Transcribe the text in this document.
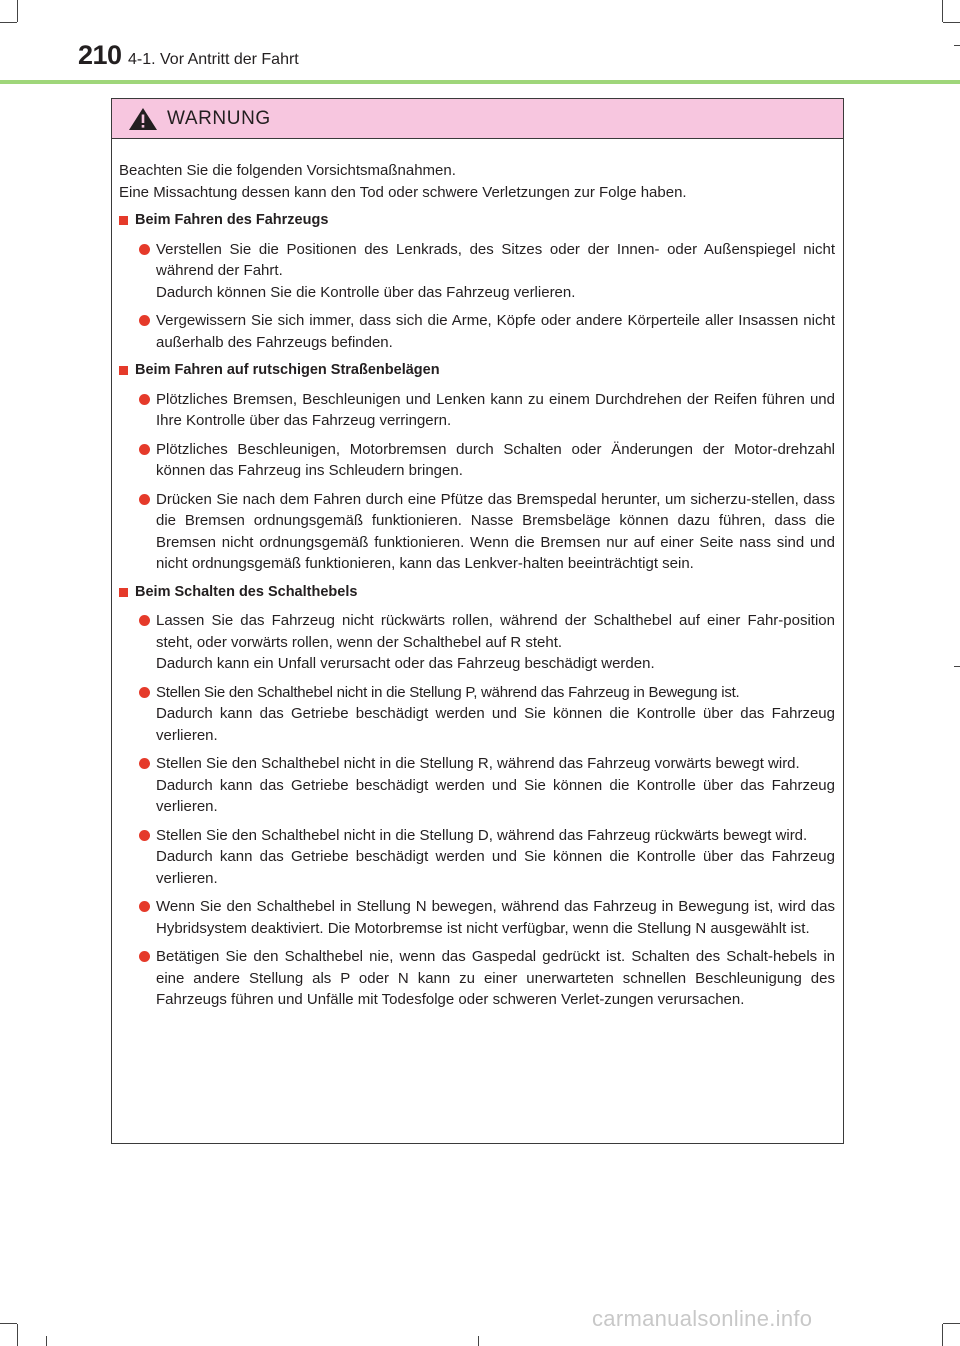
210 4-1. Vor Antritt der Fahrt
WARNUNG

Beachten Sie die folgenden Vorsichtsmaßnahmen.
Eine Missachtung dessen kann den Tod oder schwere Verletzungen zur Folge haben.

Beim Fahren des Fahrzeugs
Verstellen Sie die Positionen des Lenkrads, des Sitzes oder der Innen- oder Außenspiegel nicht während der Fahrt.
Dadurch können Sie die Kontrolle über das Fahrzeug verlieren.
Vergewissern Sie sich immer, dass sich die Arme, Köpfe oder andere Körperteile aller Insassen nicht außerhalb des Fahrzeugs befinden.
Beim Fahren auf rutschigen Straßenbelägen
Plötzliches Bremsen, Beschleunigen und Lenken kann zu einem Durchdrehen der Reifen führen und Ihre Kontrolle über das Fahrzeug verringern.
Plötzliches Beschleunigen, Motorbremsen durch Schalten oder Änderungen der Motor-drehzahl können das Fahrzeug ins Schleudern bringen.
Drücken Sie nach dem Fahren durch eine Pfütze das Bremspedal herunter, um sicherzu-stellen, dass die Bremsen ordnungsgemäß funktionieren. Nasse Bremsbeläge können dazu führen, dass die Bremsen nicht ordnungsgemäß funktionieren. Wenn die Bremsen nur auf einer Seite nass sind und nicht ordnungsgemäß funktionieren, kann das Lenkver-halten beeinträchtigt sein.
Beim Schalten des Schalthebels
Lassen Sie das Fahrzeug nicht rückwärts rollen, während der Schalthebel auf einer Fahr-position steht, oder vorwärts rollen, wenn der Schalthebel auf R steht.
Dadurch kann ein Unfall verursacht oder das Fahrzeug beschädigt werden.
Stellen Sie den Schalthebel nicht in die Stellung P, während das Fahrzeug in Bewegung ist.
Dadurch kann das Getriebe beschädigt werden und Sie können die Kontrolle über das Fahrzeug verlieren.
Stellen Sie den Schalthebel nicht in die Stellung R, während das Fahrzeug vorwärts bewegt wird.
Dadurch kann das Getriebe beschädigt werden und Sie können die Kontrolle über das Fahrzeug verlieren.
Stellen Sie den Schalthebel nicht in die Stellung D, während das Fahrzeug rückwärts bewegt wird.
Dadurch kann das Getriebe beschädigt werden und Sie können die Kontrolle über das Fahrzeug verlieren.
Wenn Sie den Schalthebel in Stellung N bewegen, während das Fahrzeug in Bewegung ist, wird das Hybridsystem deaktiviert. Die Motorbremse ist nicht verfügbar, wenn die Stellung N ausgewählt ist.
Betätigen Sie den Schalthebel nie, wenn das Gaspedal gedrückt ist. Schalten des Schalt-hebels in eine andere Stellung als P oder N kann zu einer unerwarteten schnellen Beschleunigung des Fahrzeugs führen und Unfälle mit Todesfolge oder schweren Verlet-zungen verursachen.
carmanualsonline.info
